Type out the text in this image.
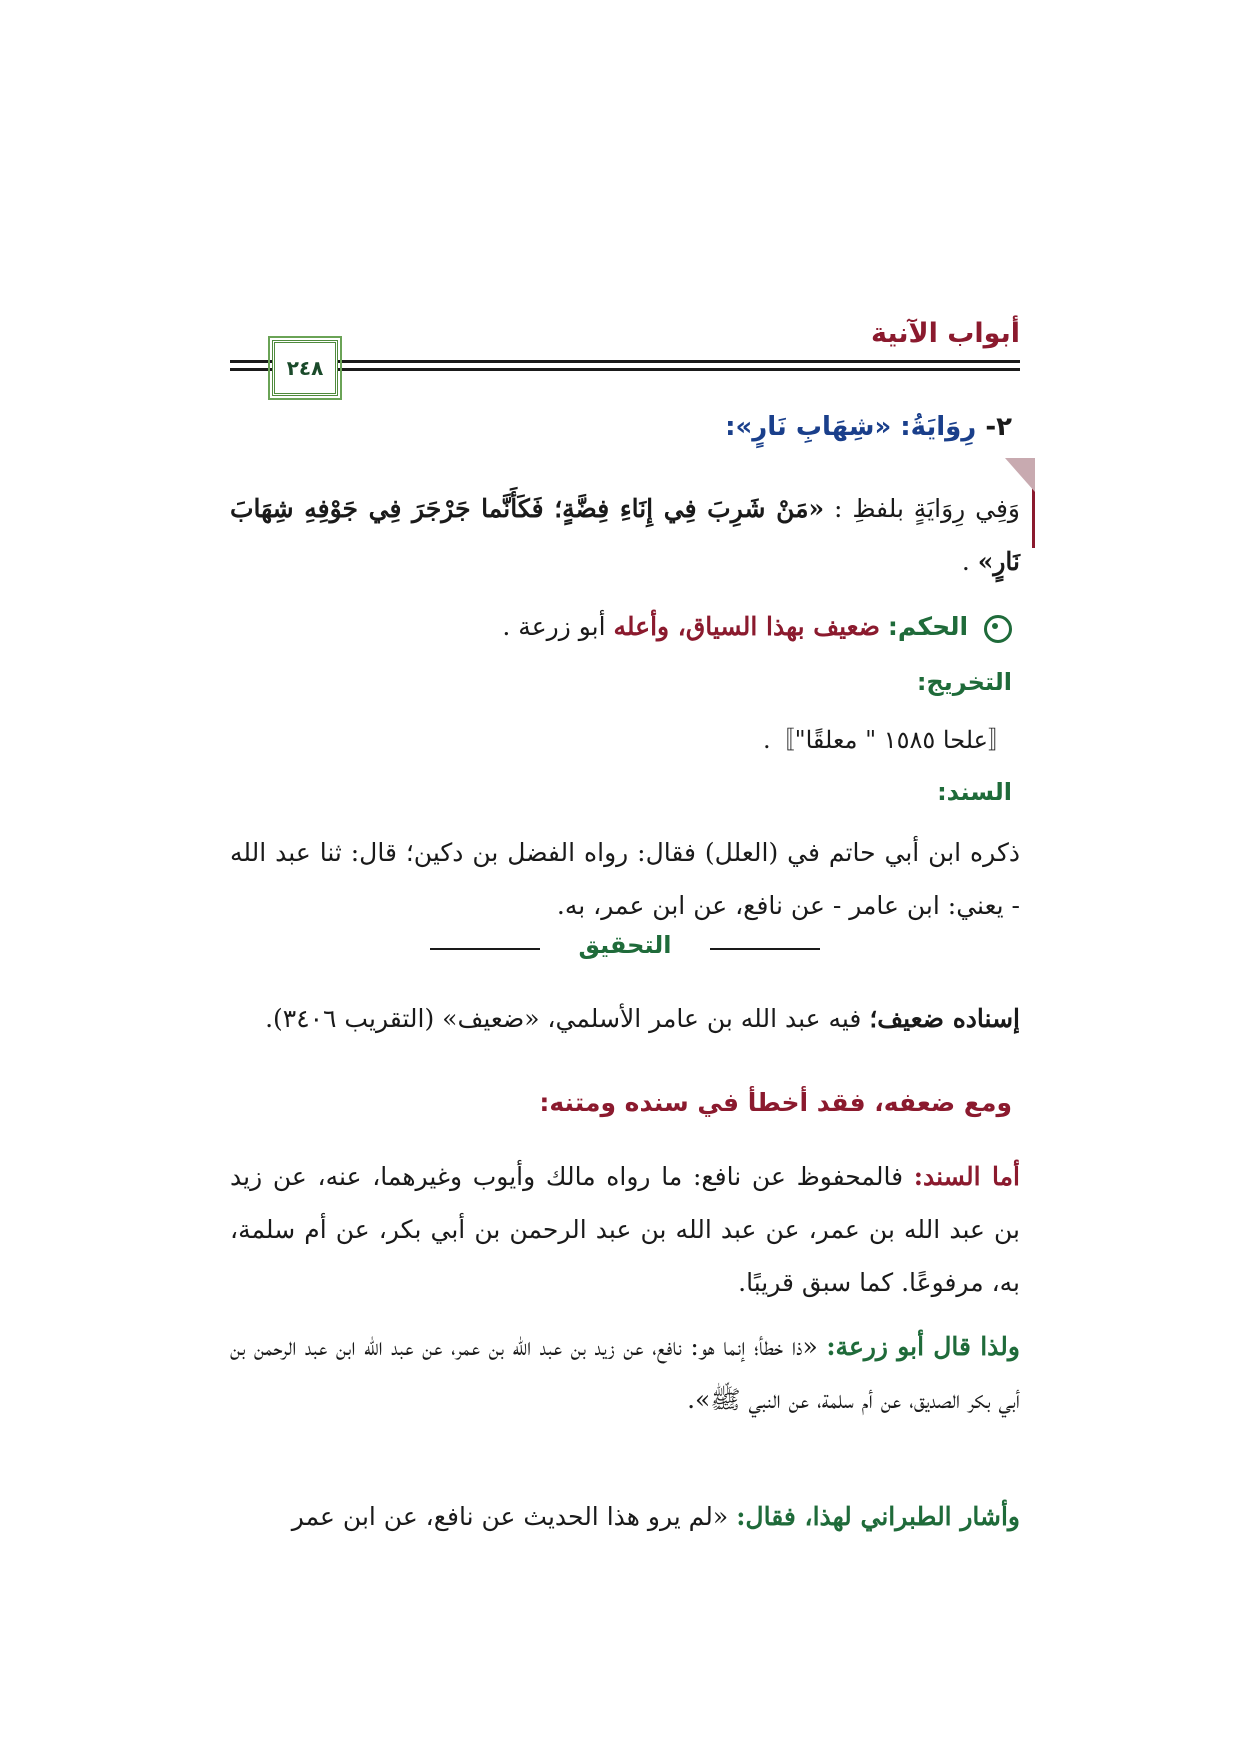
أبواب الآنية
٢٤٨
٢- رِوَايَةُ: «شِهَابِ نَارٍ»:
وَفِي رِوَايَةٍ بلفظِ : «مَنْ شَرِبَ فِي إِنَاءِ فِضَّةٍ؛ فَكَأَنَّما جَرْجَرَ فِي جَوْفِهِ شِهَابَ نَارٍ» .
الحكم: ضعيف بهذا السياق، وأعله أبو زرعة .
التخريج:
〚علحا ١٥٨٥ " معلقًا"〛.
السند:
ذكره ابن أبي حاتم في (العلل) فقال: رواه الفضل بن دكين؛ قال: ثنا عبد الله - يعني: ابن عامر - عن نافع، عن ابن عمر، به.
التحقيق
إسناده ضعيف؛ فيه عبد الله بن عامر الأسلمي، «ضعيف» (التقريب ٣٤٠٦).
ومع ضعفه، فقد أخطأ في سنده ومتنه:
أما السند: فالمحفوظ عن نافع: ما رواه مالك وأيوب وغيرهما، عنه، عن زيد بن عبد الله بن عمر، عن عبد الله بن عبد الرحمن بن أبي بكر، عن أم سلمة، به، مرفوعًا. كما سبق قريبًا.
ولذا قال أبو زرعة: «ذا خطأ؛ إنما هو: نافع، عن زيد بن عبد الله بن عمر، عن عبد الله ابن عبد الرحمن بن أبي بكر الصديق، عن أم سلمة، عن النبي ﷺ».
وأشار الطبراني لهذا، فقال: «لم يرو هذا الحديث عن نافع، عن ابن عمر
